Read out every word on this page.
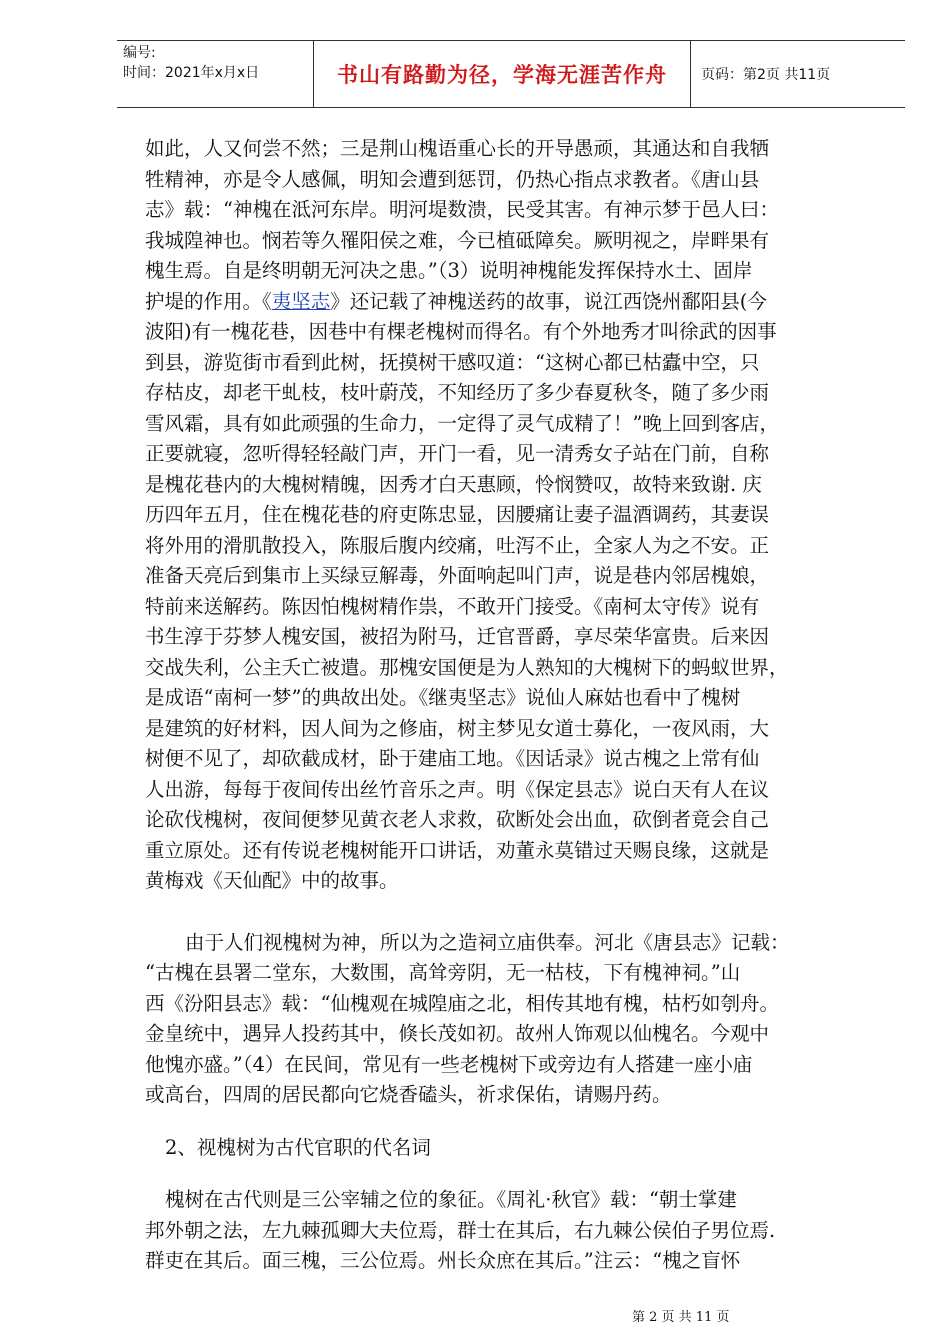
编号:
时间：2021年x月x日	书山有路勤为径，学海无涯苦作舟	页码：第2页 共11页

如此，人又何尝不然；三是荆山槐语重心长的开导愚顽，其通达和自我牺

牲精神，亦是令人感佩，明知会遭到惩罚，仍热心指点求教者。《唐山县

志》载：“神槐在泜河东岸。明河堤数溃，民受其害。有神示梦于邑人曰：

我城隍神也。悯若等久罹阳侯之难，今已植砥障矣。厥明视之，岸畔果有

槐生焉。自是终明朝无河决之患。”（3）说明神槐能发挥保持水土、固岸

护堤的作用。《夷坚志》还记载了神槐送药的故事，说江西饶州鄱阳县(今

波阳)有一槐花巷，因巷中有棵老槐树而得名。有个外地秀才叫徐武的因事

到县，游览街市看到此树，抚摸树干感叹道：“这树心都已枯蠹中空，只

存枯皮，却老干虬枝，枝叶蔚茂，不知经历了多少春夏秋冬，随了多少雨

雪风霜，具有如此顽强的生命力，一定得了灵气成精了！”晚上回到客店，

正要就寝，忽听得轻轻敲门声，开门一看，见一清秀女子站在门前，自称

是槐花巷内的大槐树精魄，因秀才白天惠顾，怜悯赞叹，故特来致谢. 庆

历四年五月，住在槐花巷的府吏陈忠显，因腰痛让妻子温酒调药，其妻误

将外用的滑肌散投入，陈服后腹内绞痛，吐泻不止，全家人为之不安。正

准备天亮后到集市上买绿豆解毒，外面响起叫门声，说是巷内邻居槐娘，

特前来送解药。陈因怕槐树精作祟，不敢开门接受。《南柯太守传》说有

书生淳于芬梦人槐安国，被招为附马，迁官晋爵，享尽荣华富贵。后来因

交战失利，公主夭亡被遣。那槐安国便是为人熟知的大槐树下的蚂蚁世界，

是成语“南柯一梦”的典故出处。《继夷坚志》说仙人麻姑也看中了槐树

是建筑的好材料，因人间为之修庙，树主梦见女道士募化，一夜风雨，大

树便不见了，却砍截成材，卧于建庙工地。《因话录》说古槐之上常有仙

人出游，每每于夜间传出丝竹音乐之声。明《保定县志》说白天有人在议

论砍伐槐树，夜间便梦见黄衣老人求救，砍断处会出血，砍倒者竟会自己

重立原处。还有传说老槐树能开口讲话，劝董永莫错过天赐良缘，这就是

黄梅戏《天仙配》中的故事。

由于人们视槐树为神，所以为之造祠立庙供奉。河北《唐县志》记载：

“古槐在县署二堂东，大数围，高耸旁阴，无一枯枝，下有槐神祠。”山

西《汾阳县志》载：“仙槐观在城隍庙之北，相传其地有槐，枯朽如刳舟。

金皇统中，遇异人投药其中，倏长茂如初。故州人饰观以仙槐名。今观中

他愧亦盛。”（4）在民间，常见有一些老槐树下或旁边有人搭建一座小庙

或高台，四周的居民都向它烧香磕头，祈求保佑，请赐丹药。

2、视槐树为古代官职的代名词

槐树在古代则是三公宰辅之位的象征。《周礼·秋官》载：“朝士掌建

邦外朝之法，左九棘孤卿大夫位焉，群士在其后，右九棘公侯伯子男位焉.

群吏在其后。面三槐，三公位焉。州长众庶在其后。”注云：“槐之盲怀

第 2 页 共 11 页
